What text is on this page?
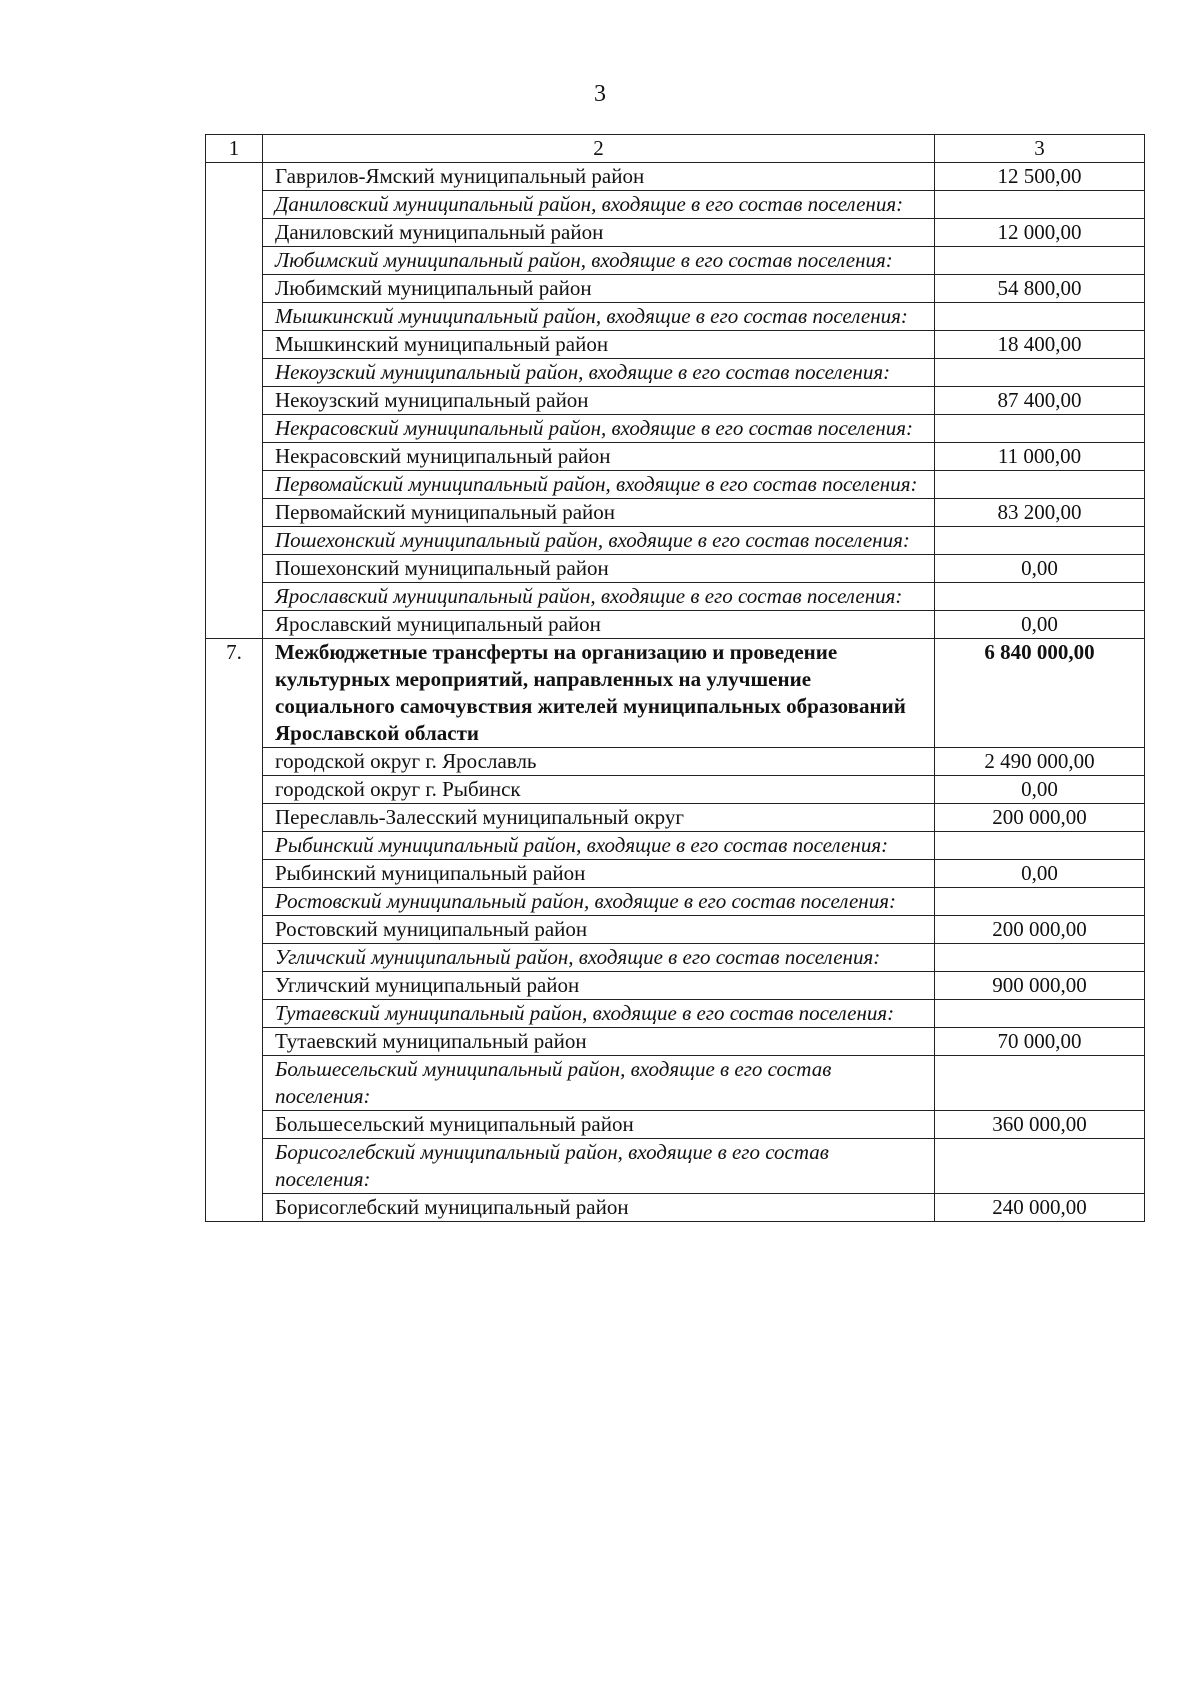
3
1	2	3
	Гаврилов-Ямский муниципальный район	12 500,00
	Даниловский муниципальный район, входящие в его состав поселения:	
	Даниловский муниципальный район	12 000,00
	Любимский муниципальный район, входящие в его состав поселения:	
	Любимский муниципальный район	54 800,00
	Мышкинский муниципальный район, входящие в его состав поселения:	
	Мышкинский муниципальный район	18 400,00
	Некоузский муниципальный район, входящие в его состав поселения:	
	Некоузский муниципальный район	87 400,00
	Некрасовский муниципальный район, входящие в его состав поселения:	
	Некрасовский муниципальный район	11 000,00
	Первомайский муниципальный район, входящие в его состав поселения:	
	Первомайский муниципальный район	83 200,00
	Пошехонский муниципальный район, входящие в его состав поселения:	
	Пошехонский муниципальный район	0,00
	Ярославский муниципальный район, входящие в его состав поселения:	
	Ярославский муниципальный район	0,00
7.	Межбюджетные трансферты на организацию и проведение культурных мероприятий, направленных на улучшение социального самочувствия жителей муниципальных образований Ярославской области	6 840 000,00
	городской округ г. Ярославль	2 490 000,00
	городской округ г. Рыбинск	0,00
	Переславль-Залесский муниципальный округ	200 000,00
	Рыбинский муниципальный район, входящие в его состав поселения:	
	Рыбинский муниципальный район	0,00
	Ростовский муниципальный район, входящие в его состав поселения:	
	Ростовский муниципальный район	200 000,00
	Угличский муниципальный район, входящие в его состав поселения:	
	Угличский муниципальный район	900 000,00
	Тутаевский муниципальный район, входящие в его состав поселения:	
	Тутаевский муниципальный район	70 000,00
	Большесельский муниципальный район, входящие в его состав поселения:	
	Большесельский муниципальный район	360 000,00
	Борисоглебский муниципальный район, входящие в его состав поселения:	
	Борисоглебский муниципальный район	240 000,00
